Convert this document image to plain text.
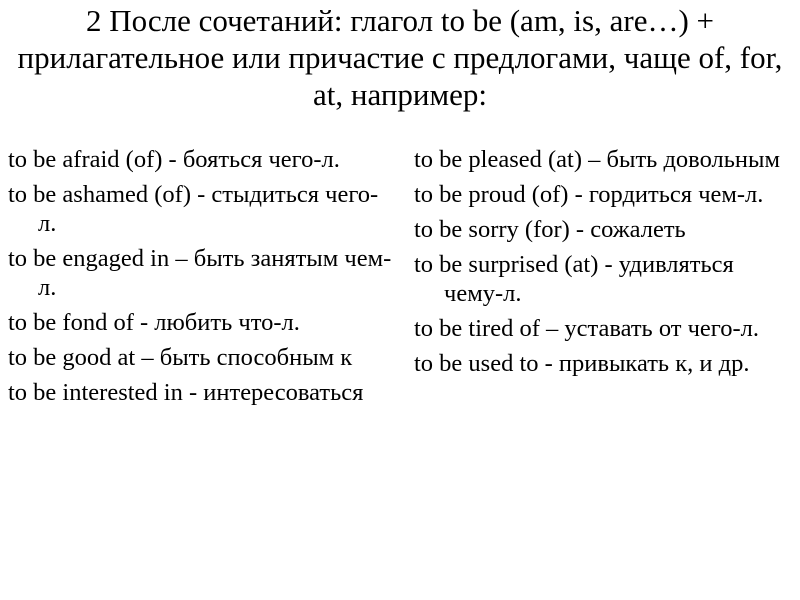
2 После сочетаний: глагол to be (am, is, are…) + прилагательное или причастие с предлогами, чаще of, for, at, например:
to be afraid (of) - бояться чего-л.
to be ashamed (of) - стыдиться чего-л.
to be engaged in – быть занятым чем-л.
to be fond of - любить что-л.
to be good at – быть способным к
to be interested in - интересоваться
to be pleased (at) – быть довольным
to be proud (of) - гордиться чем-л.
to be sorry (for) - сожалеть
to be surprised (at) - удивляться чему-л.
to be tired of – уставать от чего-л.
to be used to - привыкать к, и др.
